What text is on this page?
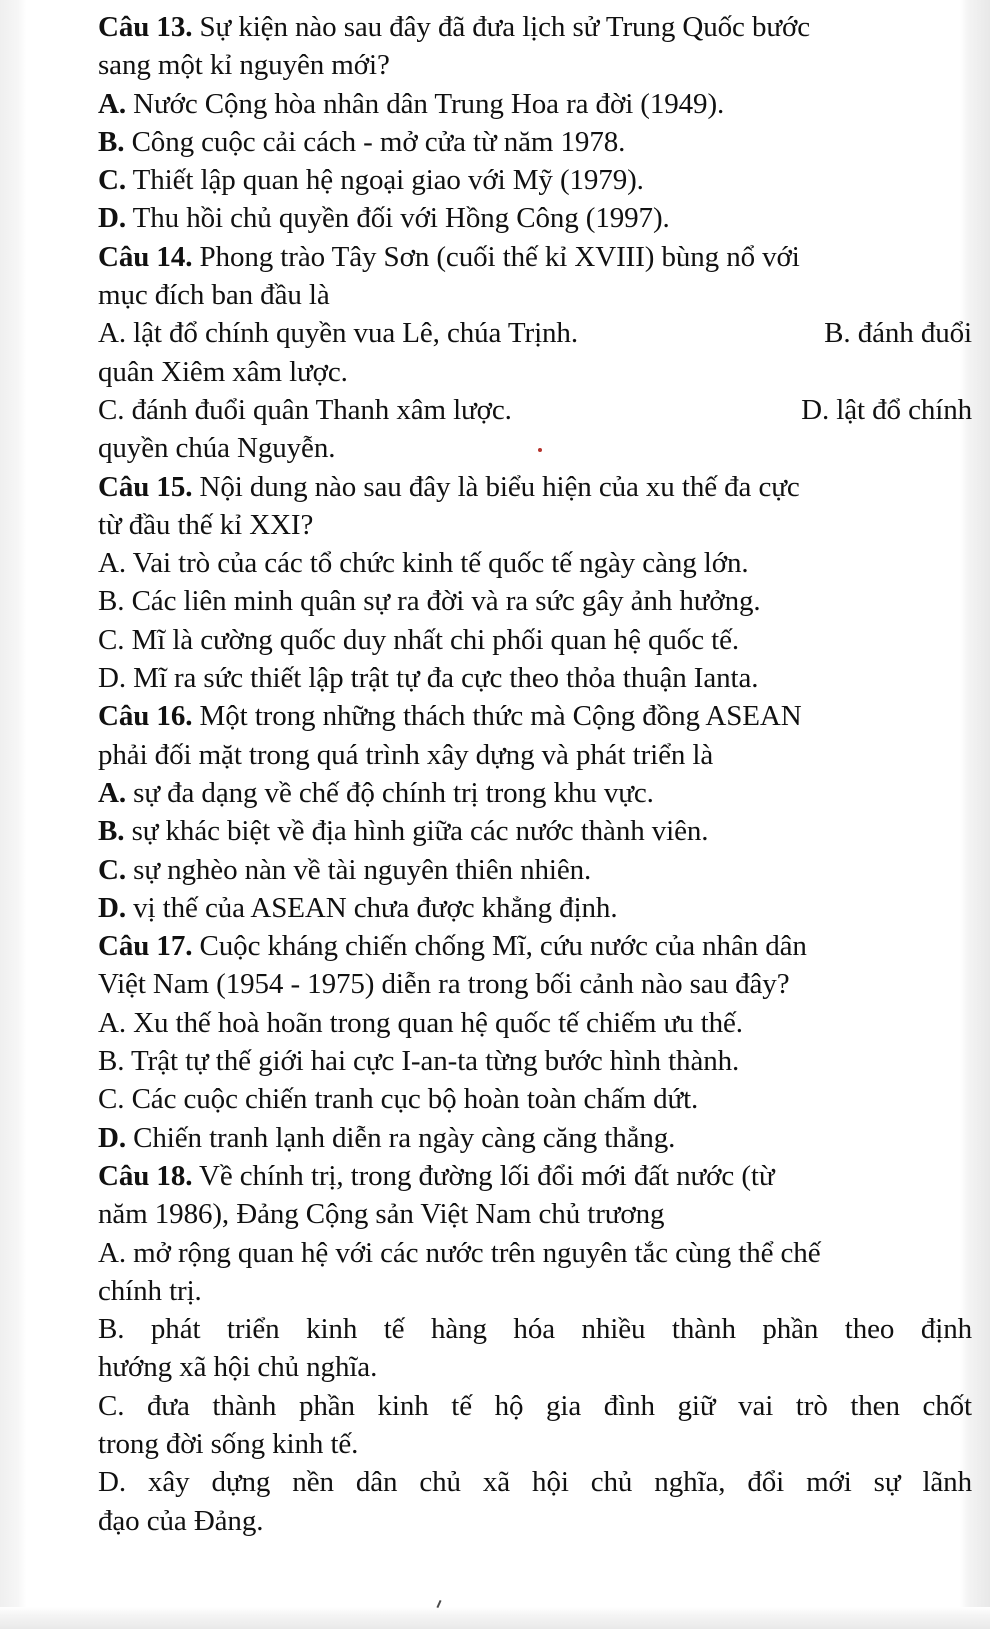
Câu 13. Sự kiện nào sau đây đã đưa lịch sử Trung Quốc bước
sang một kỉ nguyên mới?
A. Nước Cộng hòa nhân dân Trung Hoa ra đời (1949).
B. Công cuộc cải cách - mở cửa từ năm 1978.
C. Thiết lập quan hệ ngoại giao với Mỹ (1979).
D. Thu hồi chủ quyền đối với Hồng Công (1997).
Câu 14. Phong trào Tây Sơn (cuối thế kỉ XVIII) bùng nổ với
mục đích ban đầu là
A. lật đổ chính quyền vua Lê, chúa Trịnh.	B. đánh đuổi
quân Xiêm xâm lược.
C. đánh đuổi quân Thanh xâm lược.	D. lật đổ chính
quyền chúa Nguyễn.
Câu 15. Nội dung nào sau đây là biểu hiện của xu thế đa cực
từ đầu thế kỉ XXI?
A. Vai trò của các tổ chức kinh tế quốc tế ngày càng lớn.
B. Các liên minh quân sự ra đời và ra sức gây ảnh hưởng.
C. Mĩ là cường quốc duy nhất chi phối quan hệ quốc tế.
D. Mĩ ra sức thiết lập trật tự đa cực theo thỏa thuận Ianta.
Câu 16. Một trong những thách thức mà Cộng đồng ASEAN
phải đối mặt trong quá trình xây dựng và phát triển là
A. sự đa dạng về chế độ chính trị trong khu vực.
B. sự khác biệt về địa hình giữa các nước thành viên.
C. sự nghèo nàn về tài nguyên thiên nhiên.
D. vị thế của ASEAN chưa được khẳng định.
Câu 17. Cuộc kháng chiến chống Mĩ, cứu nước của nhân dân
Việt Nam (1954 - 1975) diễn ra trong bối cảnh nào sau đây?
A. Xu thế hoà hoãn trong quan hệ quốc tế chiếm ưu thế.
B. Trật tự thế giới hai cực I-an-ta từng bước hình thành.
C. Các cuộc chiến tranh cục bộ hoàn toàn chấm dứt.
D. Chiến tranh lạnh diễn ra ngày càng căng thẳng.
Câu 18. Về chính trị, trong đường lối đổi mới đất nước (từ
năm 1986), Đảng Cộng sản Việt Nam chủ trương
A. mở rộng quan hệ với các nước trên nguyên tắc cùng thể chế
chính trị.
B. phát triển kinh tế hàng hóa nhiều thành phần theo định
hướng xã hội chủ nghĩa.
C. đưa thành phần kinh tế hộ gia đình giữ vai trò then chốt
trong đời sống kinh tế.
D. xây dựng nền dân chủ xã hội chủ nghĩa, đổi mới sự lãnh
đạo của Đảng.
